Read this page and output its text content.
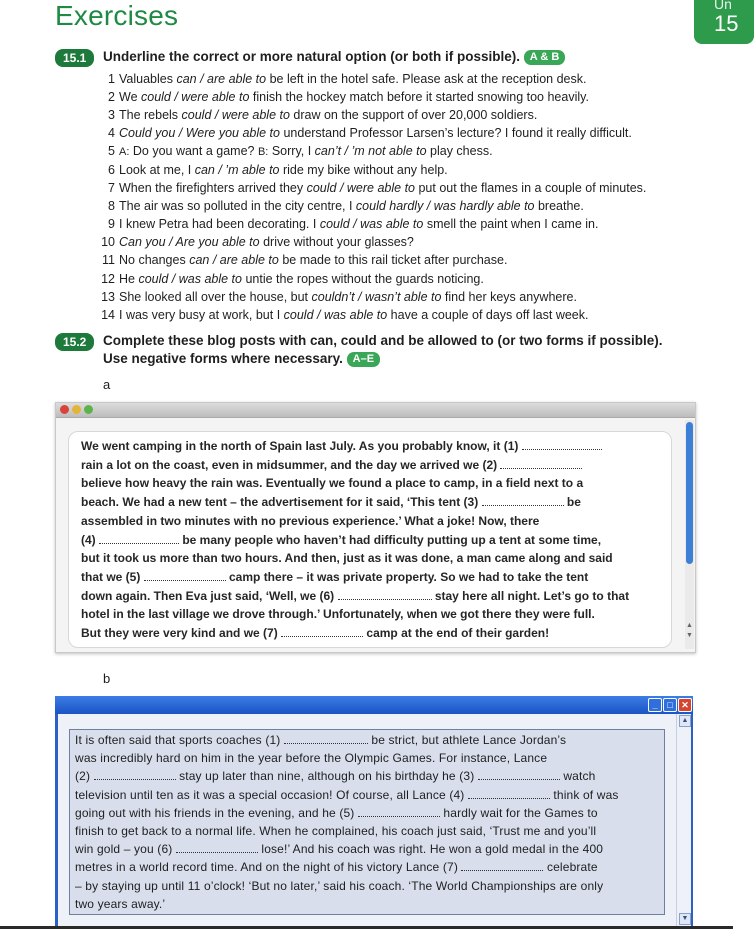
Exercises	Un
15
15.1	Underline the correct or more natural option (or both if possible). A & B
1 Valuables can / are able to be left in the hotel safe. Please ask at the reception desk.
2 We could / were able to finish the hockey match before it started snowing too heavily.
3 The rebels could / were able to draw on the support of over 20,000 soldiers.
4 Could you / Were you able to understand Professor Larsen’s lecture? I found it really difficult.
5 A: Do you want a game? B: Sorry, I can’t / ’m not able to play chess.
6 Look at me, I can / ’m able to ride my bike without any help.
7 When the firefighters arrived they could / were able to put out the flames in a couple of minutes.
8 The air was so polluted in the city centre, I could hardly / was hardly able to breathe.
9 I knew Petra had been decorating. I could / was able to smell the paint when I came in.
10 Can you / Are you able to drive without your glasses?
11 No changes can / are able to be made to this rail ticket after purchase.
12 He could / was able to untie the ropes without the guards noticing.
13 She looked all over the house, but couldn’t / wasn’t able to find her keys anywhere.
14 I was very busy at work, but I could / was able to have a couple of days off last week.
15.2	Complete these blog posts with can, could and be allowed to (or two forms if possible).
Use negative forms where necessary. A–E
a
We went camping in the north of Spain last July. As you probably know, it (1)
rain a lot on the coast, even in midsummer, and the day we arrived we (2)
believe how heavy the rain was. Eventually we found a place to camp, in a field next to a
beach. We had a new tent – the advertisement for it said, ‘This tent (3)	be
assembled in two minutes with no previous experience.’ What a joke! Now, there
(4)	be many people who haven’t had difficulty putting up a tent at some time,
but it took us more than two hours. And then, just as it was done, a man came along and said
that we (5)	camp there – it was private property. So we had to take the tent
down again. Then Eva just said, ‘Well, we (6)	stay here all night. Let’s go to that
hotel in the last village we drove through.’ Unfortunately, when we got there they were full.
But they were very kind and we (7)	camp at the end of their garden!
▲
▼
b
_	□ ✕
It is often said that sports coaches (1)	be strict, but athlete Lance Jordan’s
was incredibly hard on him in the year before the Olympic Games. For instance, Lance
(2)	stay up later than nine, although on his birthday he (3)	watch
television until ten as it was a special occasion! Of course, all Lance (4)	think of was
going out with his friends in the evening, and he (5)	hardly wait for the Games to
finish to get back to a normal life. When he complained, his coach just said, ‘Trust me and you’ll
win gold – you (6)	lose!’ And his coach was right. He won a gold medal in the 400
metres in a world record time. And on the night of his victory Lance (7)	celebrate
– by staying up until 11 o’clock! ‘But no later,’ said his coach. ‘The World Championships are only
two years away.’
▲
▼
